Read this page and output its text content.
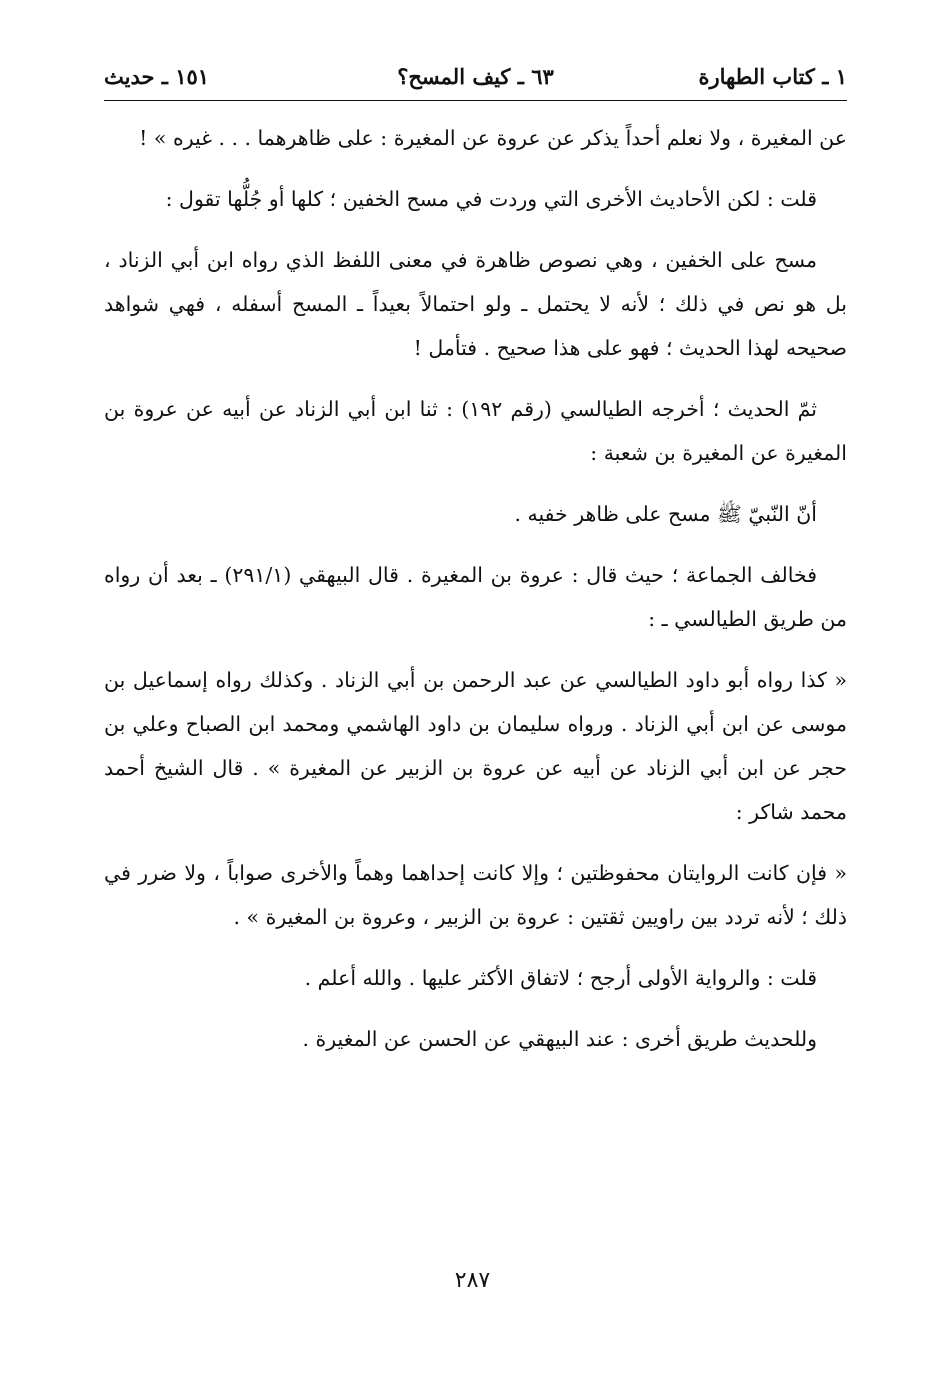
١ ـ كتاب الطهارة
٦٣ ـ كيف المسح؟
١٥١ ـ حديث

عن المغيرة ، ولا نعلم أحداً يذكر عن عروة عن المغيرة : على ظاهرهما . . . غيره » !

قلت : لكن الأحاديث الأخرى التي وردت في مسح الخفين ؛ كلها أو جُلُّها تقول :

مسح على الخفين ، وهي نصوص ظاهرة في معنى اللفظ الذي رواه ابن أبي الزناد ، بل هو نص في ذلك ؛ لأنه لا يحتمل ـ ولو احتمالاً بعيداً ـ المسح أسفله ، فهي شواهد صحيحه لهذا الحديث ؛ فهو على هذا صحيح . فتأمل !

ثمّ الحديث ؛ أخرجه الطيالسي (رقم ١٩٢) : ثنا ابن أبي الزناد عن أبيه عن عروة بن المغيرة عن المغيرة بن شعبة :

أنّ النّبيّ ﷺ مسح على ظاهر خفيه .

فخالف الجماعة ؛ حيث قال : عروة بن المغيرة . قال البيهقي (٢٩١/١) ـ بعد أن رواه من طريق الطيالسي ـ :

« كذا رواه أبو داود الطيالسي عن عبد الرحمن بن أبي الزناد . وكذلك رواه إسماعيل بن موسى عن ابن أبي الزناد . ورواه سليمان بن داود الهاشمي ومحمد ابن الصباح وعلي بن حجر عن ابن أبي الزناد عن أبيه عن عروة بن الزبير عن المغيرة » . قال الشيخ أحمد محمد شاكر :

« فإن كانت الروايتان محفوظتين ؛ وإلا كانت إحداهما وهماً والأخرى صواباً ، ولا ضرر في ذلك ؛ لأنه تردد بين راويين ثقتين : عروة بن الزبير ، وعروة بن المغيرة » .

قلت : والرواية الأولى أرجح ؛ لاتفاق الأكثر عليها . والله أعلم .

وللحديث طريق أخرى : عند البيهقي عن الحسن عن المغيرة .

٢٨٧
